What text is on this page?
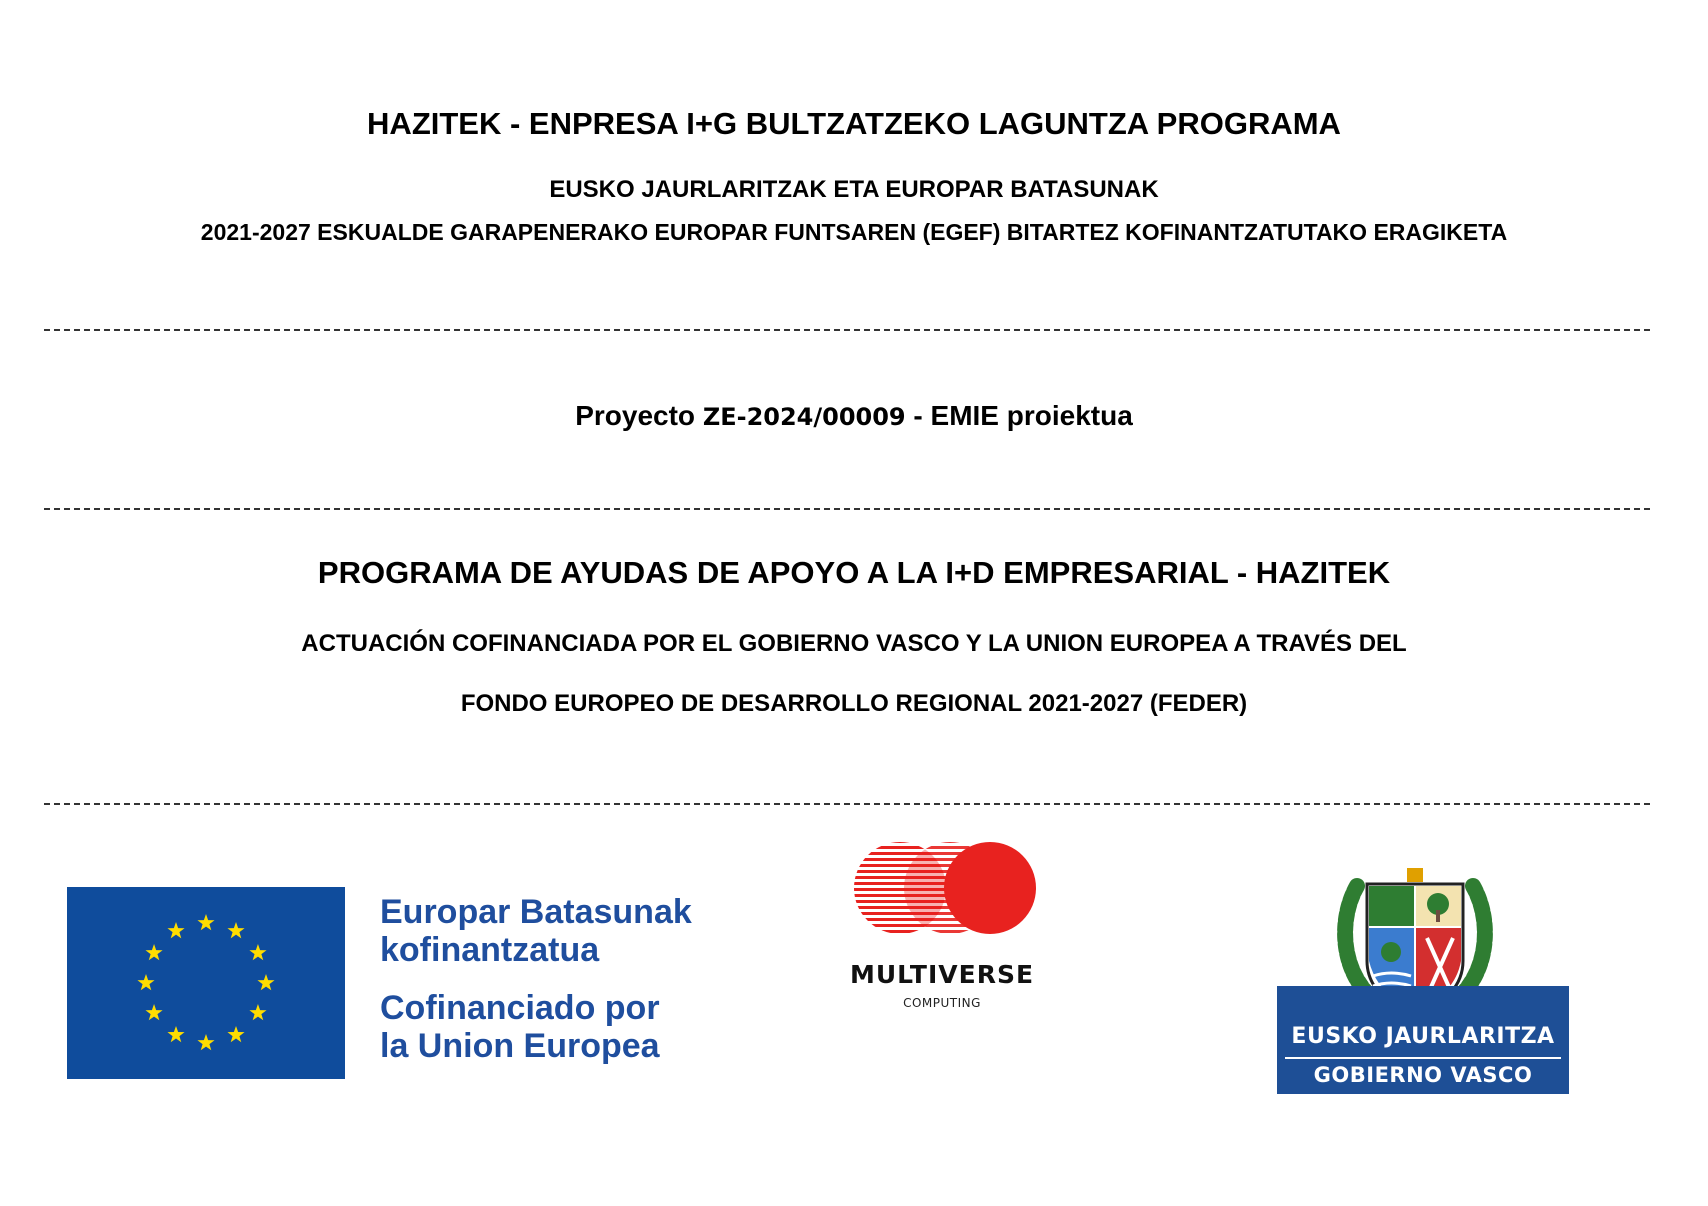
HAZITEK - ENPRESA I+G BULTZATZEKO LAGUNTZA PROGRAMA
EUSKO JAURLARITZAK ETA EUROPAR BATASUNAK
2021-2027 ESKUALDE GARAPENERAKO EUROPAR FUNTSAREN (EGEF) BITARTEZ KOFINANTZATUTAKO ERAGIKETA
Proyecto ZE-2024/00009 - EMIE proiektua
PROGRAMA DE AYUDAS DE APOYO A LA I+D EMPRESARIAL - HAZITEK
ACTUACIÓN COFINANCIADA POR EL GOBIERNO VASCO Y LA UNION EUROPEA A TRAVÉS DEL
FONDO EUROPEO DE DESARROLLO REGIONAL 2021-2027 (FEDER)
Europar Batasunak
kofinantzatua
Cofinanciado por
la Union Europea
MULTIVERSE
COMPUTING
EUSKO JAURLARITZA
GOBIERNO VASCO
